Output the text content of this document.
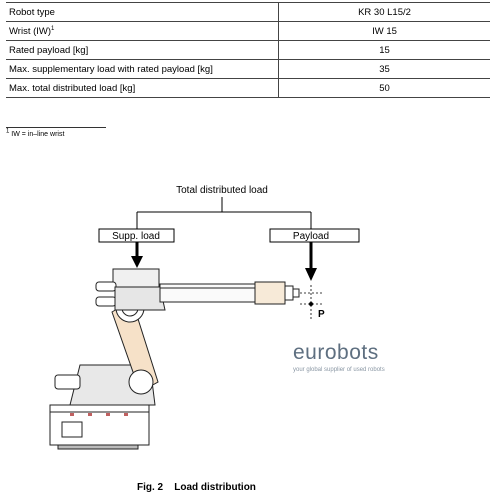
Robot type	KR 30 L15/2
Wrist (IW)$^1$	IW 15
Rated payload [kg]	15
Max. supplementary load with rated payload [kg]	35
Max. total distributed load [kg]	50
$^1$ IW = in–line wrist
Total distributed load
Supp. load	Payload
P
eurobots
your global supplier of used robots
Fig. 2 Load distribution
